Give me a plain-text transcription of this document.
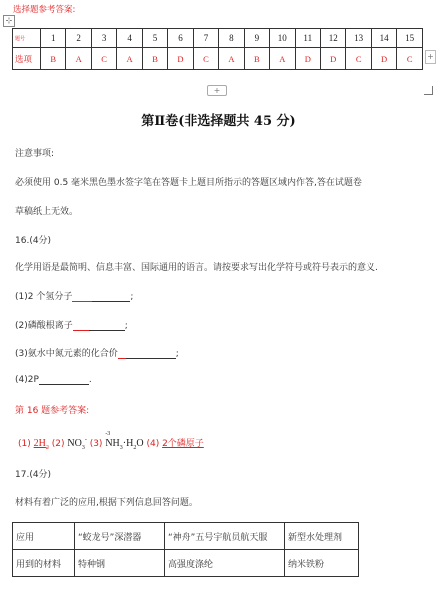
⊹
选择题参考答案:
题号	1	2	3	4	5	6	7	8	9	10	11	12	13	14	15
选项	B	A	C	A	B	D	C	A	B	A	D	D	C	D	C +
+
第Ⅱ卷(非选择题共 45 分)
注意事项:
必须使用 0.5 毫米黑色墨水签字笔在答题卡上题目所指示的答题区域内作答,答在试题卷
草稿纸上无效。
16.(4分)
化学用语是最简明、信息丰富、国际通用的语言。请按要求写出化学符号或符号表示的意义.
(1)2 个氢分子	;
(2)磷酸根离子	;
(3)氨水中氮元素的化合价	;
(4)2P	.
第 16 题参考答案:
(1) $2H_2$ (2) $NO_3^-$ (3)
-3
$NH_3\cdot H_2O$ (4) 2个磷原子
17.(4分)
材料有着广泛的应用,根据下列信息回答问题。
应用	“蛟龙号”深潜器	“神舟”五号宇航员航天服	新型水处理剂
用到的材料	特种钢	高强度涤纶	纳米铁粉
